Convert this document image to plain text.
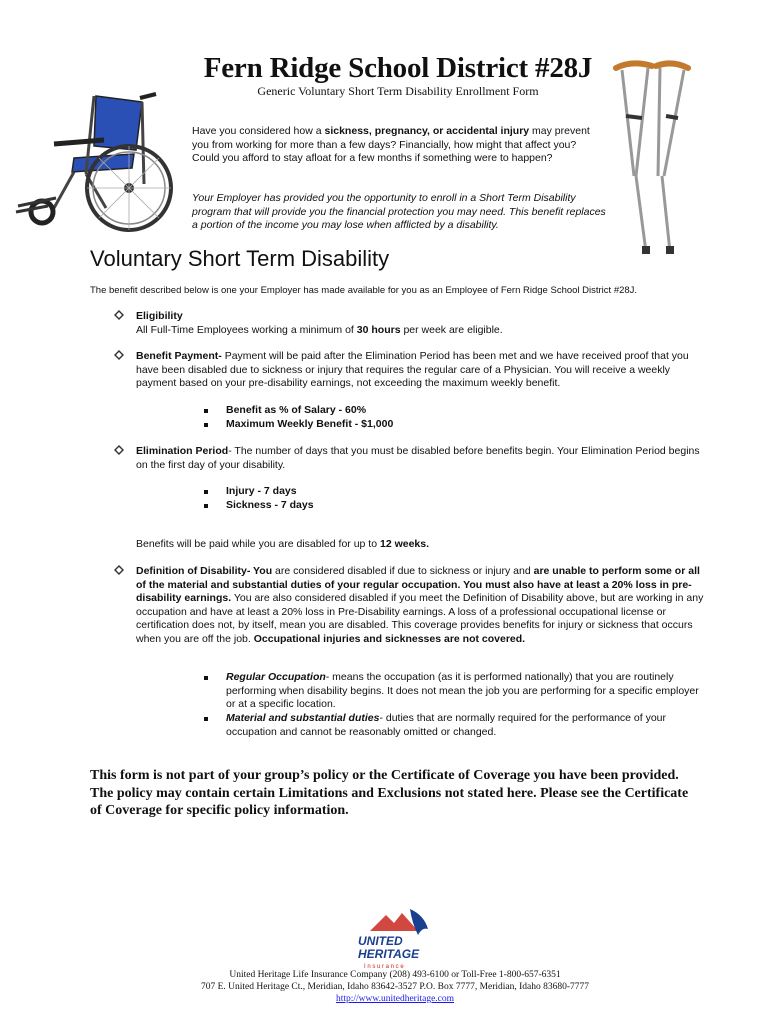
Fern Ridge School District #28J
Generic Voluntary Short Term Disability Enrollment Form
Have you considered how a sickness, pregnancy, or accidental injury may prevent you from working for more than a few days? Financially, how might that affect you? Could you afford to stay afloat for a few months if something were to happen?
Your Employer has provided you the opportunity to enroll in a Short Term Disability program that will provide you the financial protection you may need. This benefit replaces a portion of the income you may lose when afflicted by a disability.
Voluntary Short Term Disability
The benefit described below is one your Employer has made available for you as an Employee of Fern Ridge School District #28J.
Eligibility
All Full-Time Employees working a minimum of 30 hours per week are eligible.
Benefit Payment- Payment will be paid after the Elimination Period has been met and we have received proof that you have been disabled due to sickness or injury that requires the regular care of a Physician. You will receive a weekly payment based on your pre-disability earnings, not exceeding the maximum weekly benefit.
Benefit as % of Salary - 60%
Maximum Weekly Benefit - $1,000
Elimination Period- The number of days that you must be disabled before benefits begin. Your Elimination Period begins on the first day of your disability.
Injury - 7 days
Sickness - 7 days
Benefits will be paid while you are disabled for up to 12 weeks.
Definition of Disability- You are considered disabled if due to sickness or injury and are unable to perform some or all of the material and substantial duties of your regular occupation. You must also have at least a 20% loss in pre-disability earnings. You are also considered disabled if you meet the Definition of Disability above, but are working in any occupation and have at least a 20% loss in Pre-Disability earnings. A loss of a professional occupational license or certification does not, by itself, mean you are disabled. This coverage provides benefits for injury or sickness that occurs when you are off the job. Occupational injuries and sicknesses are not covered.
Regular Occupation- means the occupation (as it is performed nationally) that you are routinely performing when disability begins. It does not mean the job you are performing for a specific employer or at a specific location.
Material and substantial duties- duties that are normally required for the performance of your occupation and cannot be reasonably omitted or changed.
This form is not part of your group’s policy or the Certificate of Coverage you have been provided. The policy may contain certain Limitations and Exclusions not stated here. Please see the Certificate of Coverage for specific policy information.
UNITED
HERITAGE
I n s u r a n c e
United Heritage Life Insurance Company (208) 493-6100 or Toll-Free 1-800-657-6351
707 E. United Heritage Ct., Meridian, Idaho 83642-3527 P.O. Box 7777, Meridian, Idaho 83680-7777
http://www.unitedheritage.com
